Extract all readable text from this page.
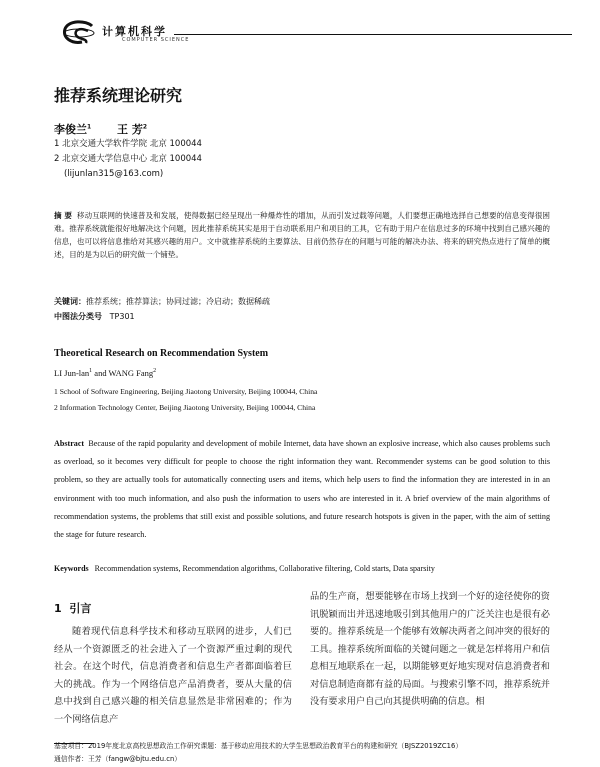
计算机科学
COMPUTER SCIENCE
推荐系统理论研究
李俊兰$^1$ 王 芳$^2$
1 北京交通大学软件学院 北京 100044
2 北京交通大学信息中心 北京 100044
(lijunlan315@163.com)
摘 要 移动互联网的快速普及和发展，使得数据已经呈现出一种爆炸性的增加，从而引发过载等问题，人们要想正确地选择自己想要的信息变得很困难。推荐系统就能很好地解决这个问题，因此推荐系统其实是用于自动联系用户和项目的工具，它有助于用户在信息过多的环境中找到自己感兴趣的信息，也可以将信息推给对其感兴趣的用户。文中就推荐系统的主要算法、目前仍然存在的问题与可能的解决办法、将来的研究热点进行了简单的概述，目的是为以后的研究做一个铺垫。
关键词：推荐系统；推荐算法；协同过滤；冷启动；数据稀疏
中图法分类号 TP301
Theoretical Research on Recommendation System
LI Jun-lan$^1$ and WANG Fang$^2$
1 School of Software Engineering, Beijing Jiaotong University, Beijing 100044, China
2 Information Technology Center, Beijing Jiaotong University, Beijing 100044, China
Abstract Because of the rapid popularity and development of mobile Internet, data have shown an explosive increase, which also causes problems such as overload, so it becomes very difficult for people to choose the right information they want. Recommender systems can be good solution to this problem, so they are actually tools for automatically connecting users and items, which help users to find the information they are interested in in an environment with too much information, and also push the information to users who are interested in it. A brief overview of the main algorithms of recommendation systems, the problems that still exist and possible solutions, and future research hotspots is given in the paper, with the aim of setting the stage for future research.
Keywords Recommendation systems, Recommendation algorithms, Collaborative filtering, Cold starts, Data sparsity
1 引言
随着现代信息科学技术和移动互联网的进步，人们已经从一个资源匮乏的社会进入了一个资源严重过剩的现代社会。在这个时代，信息消费者和信息生产者都面临着巨大的挑战。作为一个网络信息产品消费者，要从大量的信息中找到自己感兴趣的相关信息显然是非常困难的；作为一个网络信息产
品的生产商，想要能够在市场上找到一个好的途径使你的资讯脱颖而出并迅速地吸引到其他用户的广泛关注也是很有必要的。推荐系统是一个能够有效解决两者之间冲突的很好的工具。推荐系统所面临的关键问题之一就是怎样将用户和信息相互地联系在一起，以期能够更好地实现对信息消费者和对信息制造商都有益的局面。与搜索引擎不同，推荐系统并没有要求用户自己向其提供明确的信息。相
基金项目：2019年度北京高校思想政治工作研究课题：基于移动应用技术的大学生思想政治教育平台的构建和研究（BJSZ2019ZC16）
通信作者：王芳（fangw@bjtu.edu.cn）
